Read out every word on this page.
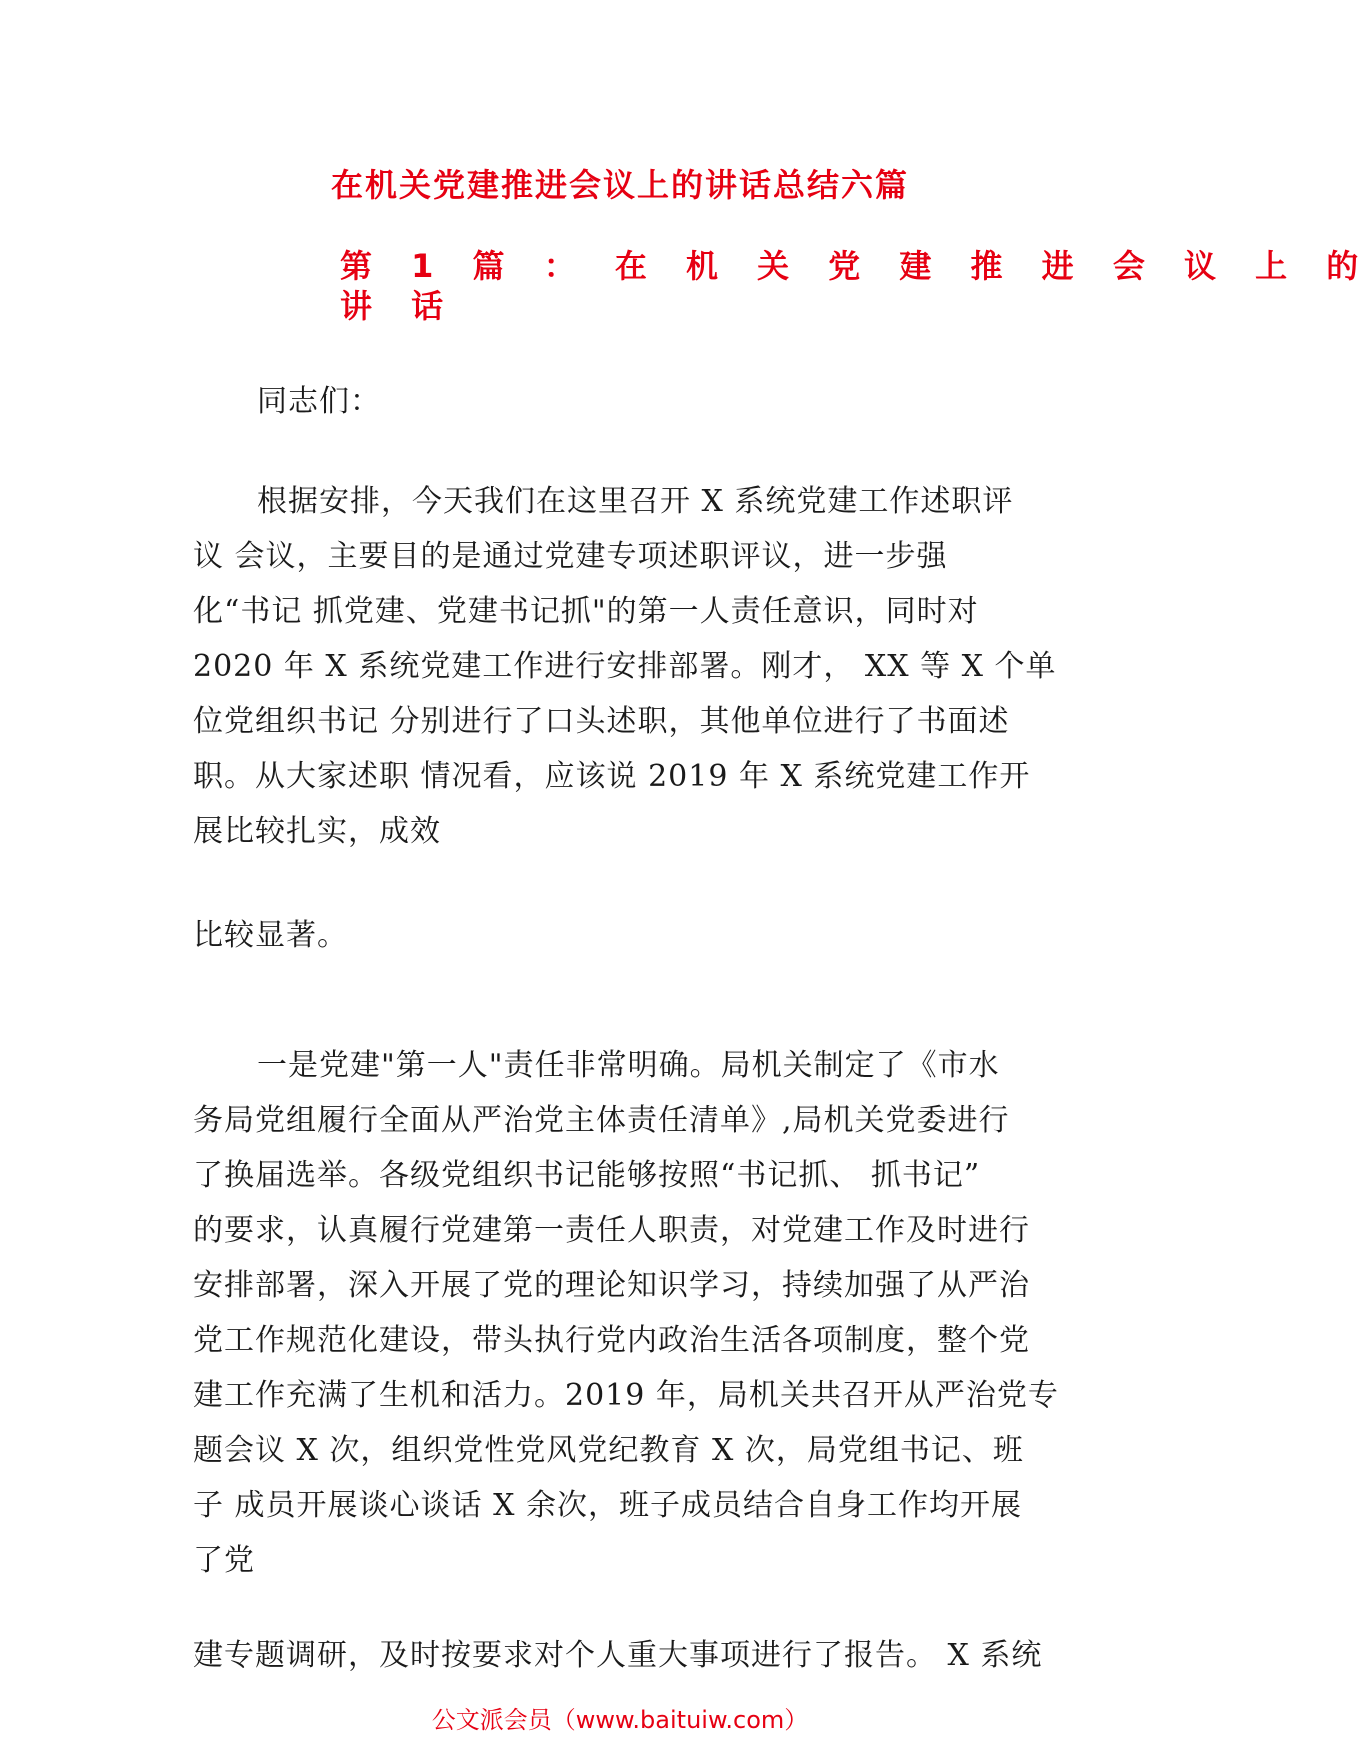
在机关党建推进会议上的讲话总结六篇
第 1 篇 ： 在 机 关 党 建 推 进 会 议 上 的
讲 话

同志们：

根据安排，今天我们在这里召开 X 系统党建工作述职评
议 会议，主要目的是通过党建专项述职评议，进一步强
化“书记 抓党建、党建书记抓"的第一人责任意识，同时对
2020 年 X 系统党建工作进行安排部署。刚才， XX 等 X 个单
位党组织书记 分别进行了口头述职，其他单位进行了书面述
职。从大家述职 情况看，应该说 2019 年 X 系统党建工作开
展比较扎实，成效

比较显著。

一是党建"第一人"责任非常明确。局机关制定了《市水
务局党组履行全面从严治党主体责任清单》,局机关党委进行
了换届选举。各级党组织书记能够按照“书记抓、 抓书记”
的要求，认真履行党建第一责任人职责，对党建工作及时进行
安排部署，深入开展了党的理论知识学习，持续加强了从严治
党工作规范化建设，带头执行党内政治生活各项制度，整个党
建工作充满了生机和活力。2019 年，局机关共召开从严治党专
题会议 X 次，组织党性党风党纪教育 X 次，局党组书记、班
子 成员开展谈心谈话 X 余次，班子成员结合自身工作均开展
了党

建专题调研，及时按要求对个人重大事项进行了报告。 X 系统

公文派会员（www.baituiw.com）
